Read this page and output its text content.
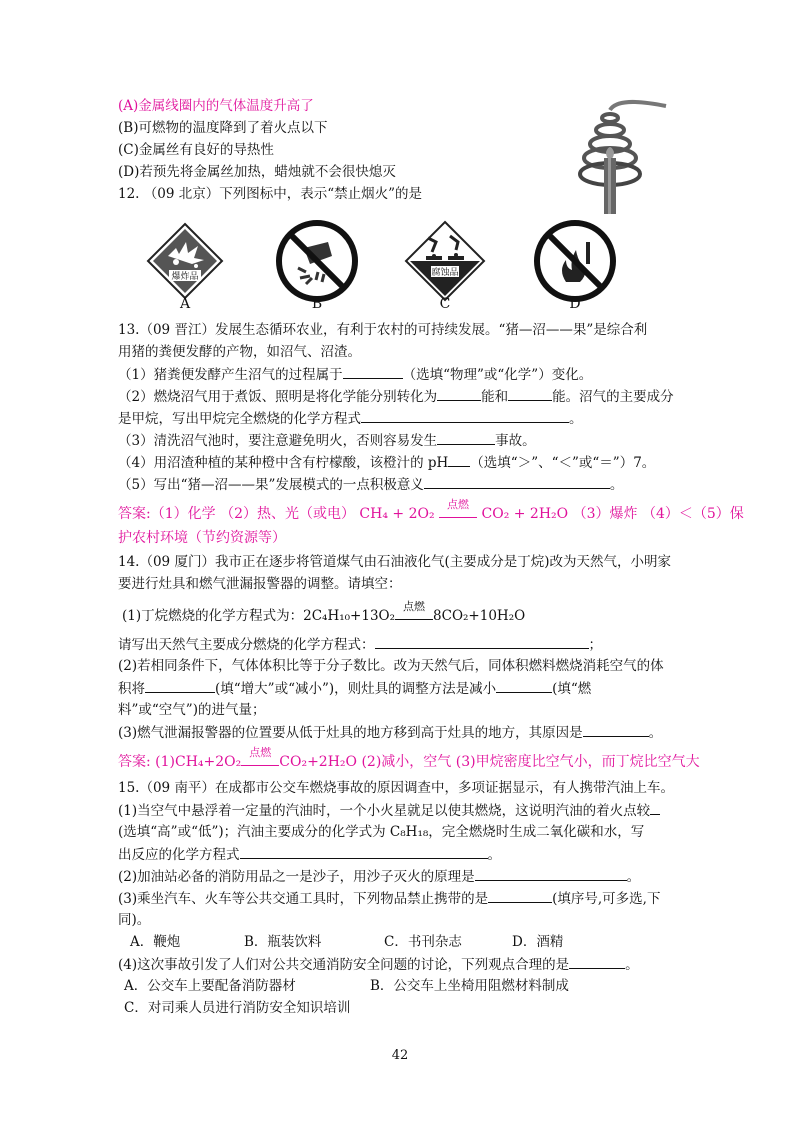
(A)金属线圈内的气体温度升高了
(B)可燃物的温度降到了着火点以下
(C)金属丝有良好的导热性
(D)若预先将金属丝加热，蜡烛就不会很快熄灭
12. （09 北京）下列图标中，表示“禁止烟火”的是
爆炸品	腐蚀品
A	B	C	D
13.（09 晋江）发展生态循环农业，有利于农村的可持续发展。“猪—沼——果”是综合利
用猪的粪便发酵的产物，如沼气、沼渣。
（1）猪粪便发酵产生沼气的过程属于	（选填“物理”或“化学”）变化。
（2）燃烧沼气用于煮饭、照明是将化学能分别转化为	能和	能。沼气的主要成分
是甲烷，写出甲烷完全燃烧的化学方程式	。
（3）清洗沼气池时，要注意避免明火，否则容易发生	事故。
（4）用沼渣种植的某种橙中含有柠檬酸，该橙汁的 pH （选填“＞”、“＜”或“＝”）7。
（5）写出“猪—沼——果”发展模式的一点积极意义	。
答案:（1）化学 （2）热、光（或电） CH₄ + 2O₂
点燃
CO₂ + 2H₂O （3）爆炸 （4）＜（5）保
护农村环境（节约资源等）
14.（09 厦门）我市正在逐步将管道煤气由石油液化气(主要成分是丁烷)改为天然气，小明家
要进行灶具和燃气泄漏报警器的调整。请填空：
(1)丁烷燃烧的化学方程式为：2C₄H₁₀+13O₂
点燃
8CO₂+10H₂O
请写出天然气主要成分燃烧的化学方程式：	；
(2)若相同条件下，气体体积比等于分子数比。改为天然气后，同体积燃料燃烧消耗空气的体
积将	(填“增大”或“减小”)，则灶具的调整方法是减小	(填“燃
料”或“空气”)的进气量；
(3)燃气泄漏报警器的位置要从低于灶具的地方移到高于灶具的地方，其原因是	。
答案: (1)CH₄+2O₂
点燃
CO₂+2H₂O (2)减小，空气 (3)甲烷密度比空气小，而丁烷比空气大
15.（09 南平）在成都市公交车燃烧事故的原因调查中，多项证据显示，有人携带汽油上车。
(1)当空气中悬浮着一定量的汽油时，一个小火星就足以使其燃烧，这说明汽油的着火点较
(选填“高”或“低”)；汽油主要成分的化学式为 C₈H₁₈，完全燃烧时生成二氧化碳和水，写
出反应的化学方程式	。
(2)加油站必备的消防用品之一是沙子，用沙子灭火的原理是	。
(3)乘坐汽车、火车等公共交通工具时，下列物品禁止携带的是	(填序号,可多选,下
同)。
A．鞭炮	B．瓶装饮料	C．书刊杂志	D．酒精
(4)这次事故引发了人们对公共交通消防安全问题的讨论，下列观点合理的是	。
A．公交车上要配备消防器材	B．公交车上坐椅用阻燃材料制成
C．对司乘人员进行消防安全知识培训
42
